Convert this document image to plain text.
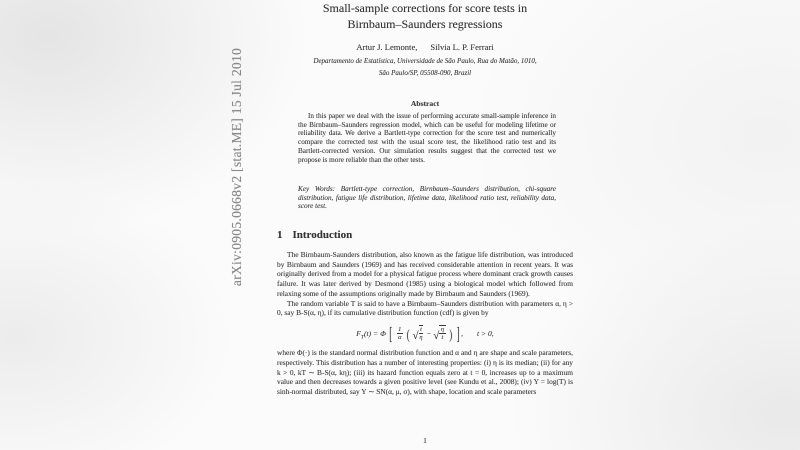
arXiv:0905.0668v2 [stat.ME] 15 Jul 2010
Small-sample corrections for score tests in
Birnbaum–Saunders regressions
Artur J. Lemonte, Silvia L. P. Ferrari
Departamento de Estatística, Universidade de São Paulo, Rua do Matão, 1010,
São Paulo/SP, 05508-090, Brazil
Abstract
In this paper we deal with the issue of performing accurate small-sample inference in the Birnbaum–Saunders regression model, which can be useful for modeling lifetime or reliability data. We derive a Bartlett-type correction for the score test and numerically compare the corrected test with the usual score test, the likelihood ratio test and its Bartlett-corrected version. Our simulation results suggest that the corrected test we propose is more reliable than the other tests.
Key Words: Bartlett-type correction, Birnbaum–Saunders distribution, chi-square distribution, fatigue life distribution, lifetime data, likelihood ratio test, reliability data, score test.
1 Introduction

The Birnbaum-Saunders distribution, also known as the fatigue life distribution, was introduced by Birnbaum and Saunders (1969) and has received considerable attention in recent years. It was originally derived from a model for a physical fatigue process where dominant crack growth causes failure. It was later derived by Desmond (1985) using a biological model which followed from relaxing some of the assumptions originally made by Birnbaum and Saunders (1969).

The random variable T is said to have a Birnbaum–Saunders distribution with parameters α, η > 0, say B-S(α, η), if its cumulative distribution function (cdf) is given by

$F_T(t) = \Phi$ [ $\frac{1}{\alpha}$ ( √ $\frac{t}{\eta}$ − √ $\frac{\eta}{t}$ ) ] , t > 0,

where Φ(·) is the standard normal distribution function and α and η are shape and scale parameters, respectively. This distribution has a number of interesting properties: (i) η is its median; (ii) for any k > 0, kT ∼ B-S(α, kη); (iii) its hazard function equals zero at t = 0, increases up to a maximum value and then decreases towards a given positive level (see Kundu et al., 2008); (iv) Y = log(T) is sinh-normal distributed, say Y ∼ SN(α, μ, σ), with shape, location and scale parameters

1
